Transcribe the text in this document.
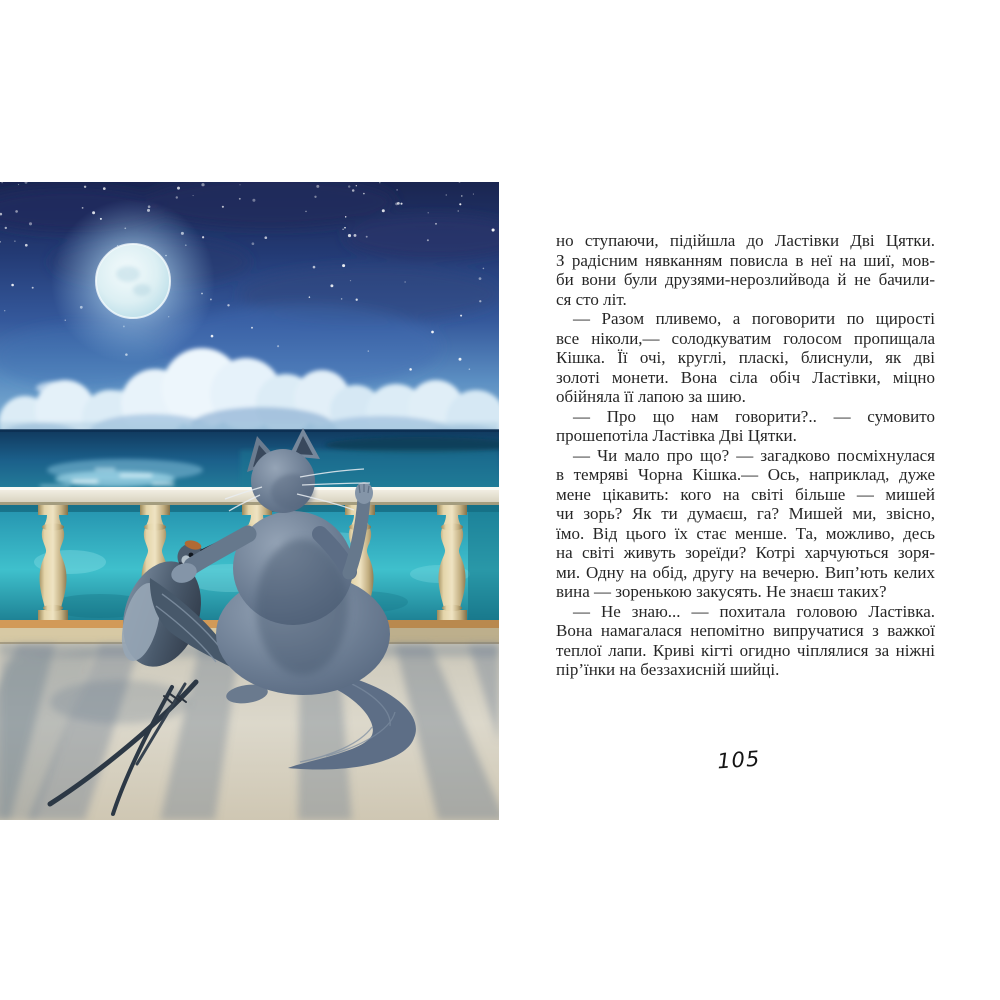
но ступаючи, підійшла до Ластівки Дві Цятки.
З радісним нявканням повисла в неї на шиї, мов-
би вони були друзями-нерозлийвода й не бачили-
ся сто літ.
— Разом пливемо, а поговорити по щирості
все ніколи,— солодкуватим голосом пропищала
Кішка. Її очі, круглі, пласкі, блиснули, як дві
золоті монети. Вона сіла обіч Ластівки, міцно
обійняла її лапою за шию.
— Про що нам говорити?.. — сумовито
прошепотіла Ластівка Дві Цятки.
— Чи мало про що? — загадково посміхнулася
в темряві Чорна Кішка.— Ось, наприклад, дуже
мене цікавить: кого на світі більше — мишей
чи зорь? Як ти думаєш, га? Мишей ми, звісно,
їмо. Від цього їх стає менше. Та, можливо, десь
на світі живуть зореїди? Котрі харчуються зоря-
ми. Одну на обід, другу на вечерю. Вип’ють келих
вина — зоренькою закусять. Не знаєш таких?
— Не знаю... — похитала головою Ластівка.
Вона намагалася непомітно випручатися з важкої
теплої лапи. Криві кігті огидно чіплялися за ніжні
пір’їнки на беззахисній шийці.
105
